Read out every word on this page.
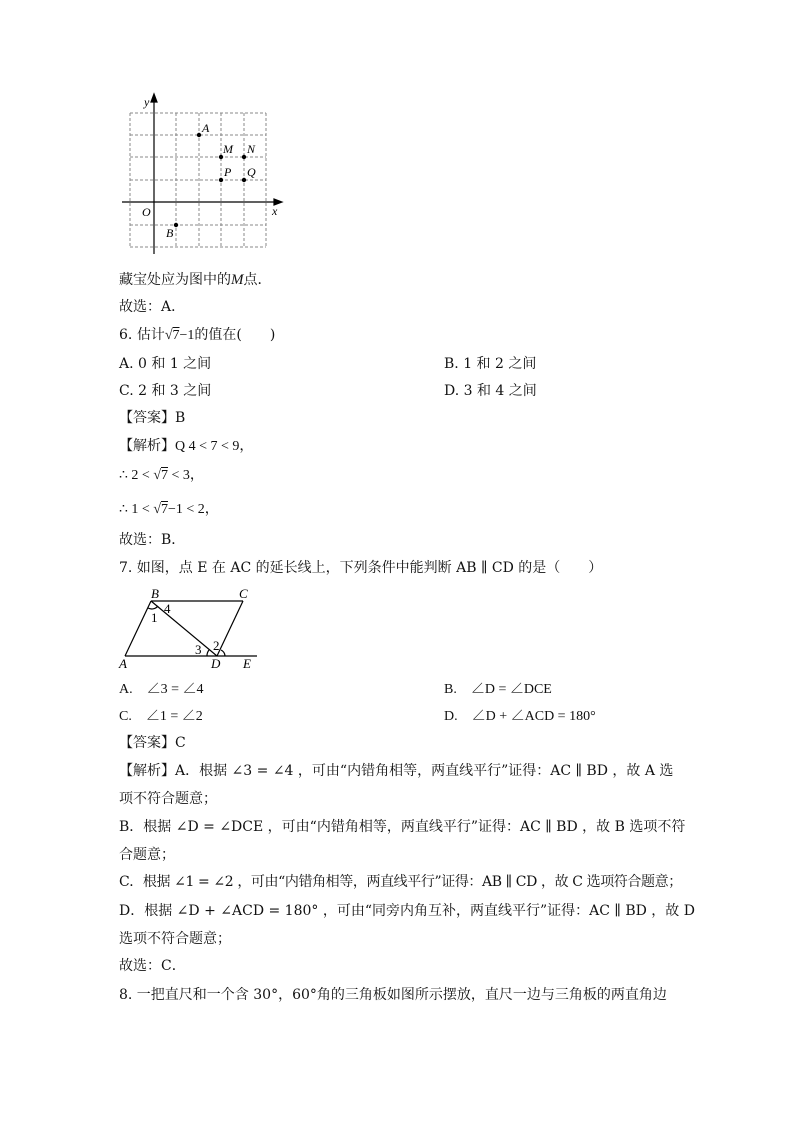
y
x
O
A
M N
P Q
B
藏宝处应为图中的M点．
故选：A．
6. 估计√7−1的值在(　　)
A. 0 和 1 之间	B. 1 和 2 之间
C. 2 和 3 之间	D. 3 和 4 之间
【答案】B
【解析】Q 4 < 7 < 9，
∴ 2 < √7 < 3，
∴ 1 < √7−1 < 2，
故选：B．
7. 如图，点 E 在 AC 的延长线上，下列条件中能判断 AB ∥ CD 的是（　　）
B	C
A	D E
1
2
3
4
A.　∠3 = ∠4	B.　∠D = ∠DCE
C.　∠1 = ∠2	D.　∠D + ∠ACD = 180°
【答案】C
【解析】A．根据 ∠3 = ∠4 ，可由“内错角相等，两直线平行”证得：AC ∥ BD ，故 A 选
项不符合题意；
B．根据 ∠D = ∠DCE ，可由“内错角相等，两直线平行”证得：AC ∥ BD ，故 B 选项不符
合题意；
C．根据 ∠1 = ∠2 ，可由“内错角相等，两直线平行”证得：AB ∥ CD ，故 C 选项符合题意；
D．根据 ∠D + ∠ACD = 180° ，可由“同旁内角互补，两直线平行”证得：AC ∥ BD ，故 D
选项不符合题意；
故选：C．
8. 一把直尺和一个含 30°，60°角的三角板如图所示摆放，直尺一边与三角板的两直角边
